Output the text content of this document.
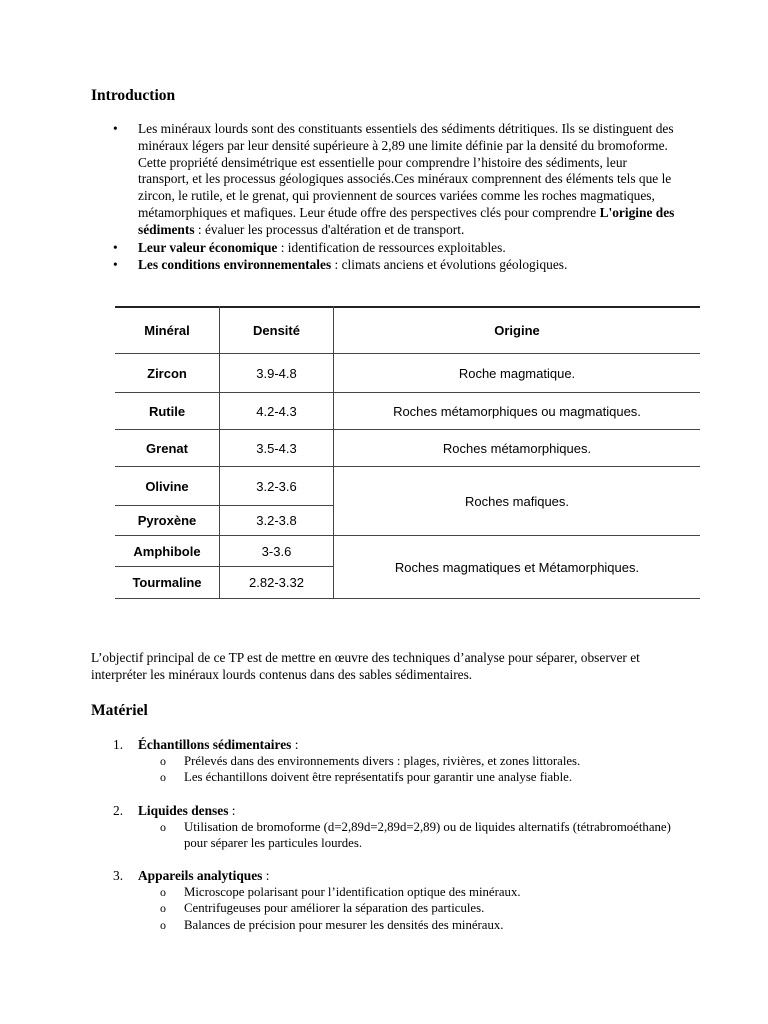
Introduction
• Les minéraux lourds sont des constituants essentiels des sédiments détritiques. Ils se distinguent des minéraux légers par leur densité supérieure à 2,89 une limite définie par la densité du bromoforme. Cette propriété densimétrique est essentielle pour comprendre l’histoire des sédiments, leur transport, et les processus géologiques associés.Ces minéraux comprennent des éléments tels que le zircon, le rutile, et le grenat, qui proviennent de sources variées comme les roches magmatiques, métamorphiques et mafiques. Leur étude offre des perspectives clés pour comprendre L'origine des sédiments : évaluer les processus d'altération et de transport.
• Leur valeur économique : identification de ressources exploitables.
• Les conditions environnementales : climats anciens et évolutions géologiques.
Minéral	Densité	Origine
Zircon
Rutile
Grenat
Olivine
Pyroxène
Amphibole
Tourmaline
3.9-4.8
4.2-4.3
3.5-4.3
3.2-3.6
3.2-3.8
3-3.6
2.82-3.32
Roche magmatique.
Roches métamorphiques ou magmatiques.
Roches métamorphiques.
Roches mafiques.
Roches magmatiques et Métamorphiques.

L’objectif principal de ce TP est de mettre en œuvre des techniques d’analyse pour séparer, observer et interpréter les minéraux lourds contenus dans des sables sédimentaires.

Matériel
1. Échantillons sédimentaires :
o Prélevés dans des environnements divers : plages, rivières, et zones littorales.
o Les échantillons doivent être représentatifs pour garantir une analyse fiable.
2. Liquides denses :
o Utilisation de bromoforme (d=2,89d=2,89d=2,89) ou de liquides alternatifs (tétrabromoéthane) pour séparer les particules lourdes.
3. Appareils analytiques :
o Microscope polarisant pour l’identification optique des minéraux.
o Centrifugeuses pour améliorer la séparation des particules.
o Balances de précision pour mesurer les densités des minéraux.
